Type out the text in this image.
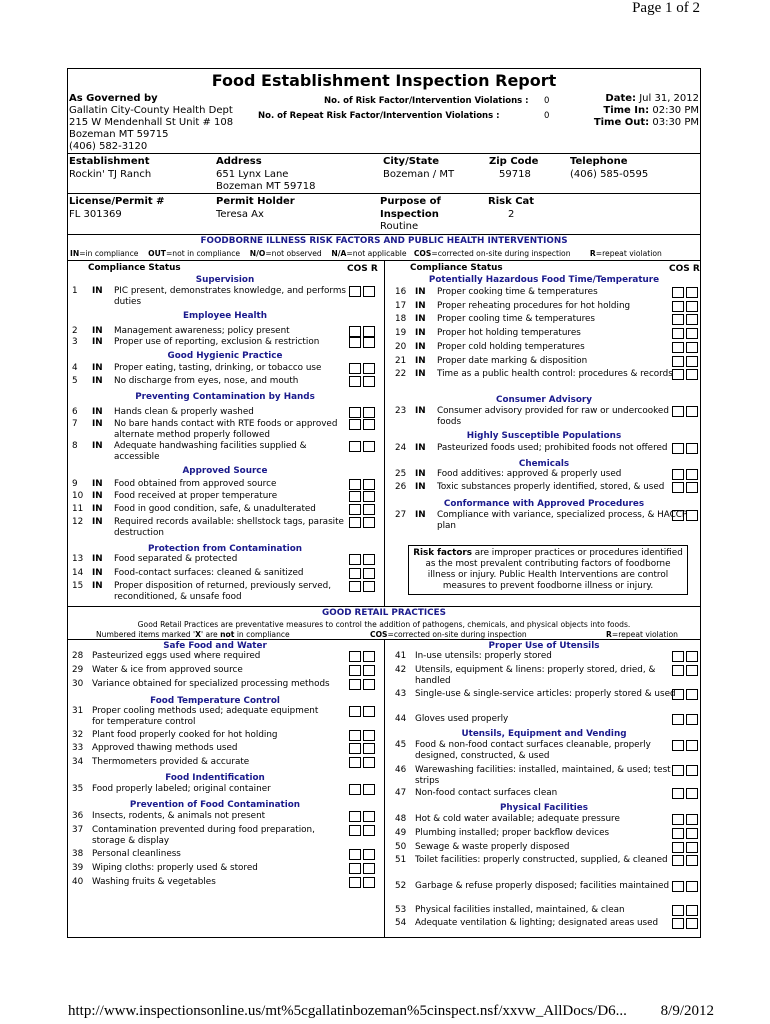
Page 1 of 2
Food Establishment Inspection Report
As Governed by
Gallatin City-County Health Dept
215 W Mendenhall St Unit # 108
Bozeman MT 59715
(406) 582-3120
No. of Risk Factor/Intervention Violations : 0
No. of Repeat Risk Factor/Intervention Violations :	0
Date: Jul 31, 2012
Time In: 02:30 PM
Time Out: 03:30 PM
Establishment
Rockin' TJ Ranch
Address
651 Lynx Lane
Bozeman MT 59718
City/State
Bozeman / MT
Zip Code
59718
Telephone
(406) 585-0595
License/Permit #
FL 301369
Permit Holder
Teresa Ax
Purpose of
Inspection
Routine
Risk Cat
2
FOODBORNE ILLNESS RISK FACTORS AND PUBLIC HEALTH INTERVENTIONS
IN=in compliance OUT=not in compliance N/O=not observed N/A=not applicable COS=corrected on-site during inspection	R=repeat violation
Compliance Status	COS R	Compliance Status	COS R
Supervision
Employee Health
Good Hygienic Practice
Preventing Contamination by Hands
Approved Source
Protection from Contamination
1	IN	PIC present, demonstrates knowledge, and performs duties
2	IN	Management awareness; policy present
3	IN	Proper use of reporting, exclusion & restriction
4	IN	Proper eating, tasting, drinking, or tobacco use
5	IN	No discharge from eyes, nose, and mouth
6	IN	Hands clean & properly washed
7	IN	No bare hands contact with RTE foods or approved alternate method properly followed
8	IN	Adequate handwashing facilities supplied & accessible
9	IN	Food obtained from approved source
10 IN	Food received at proper temperature
11 IN	Food in good condition, safe, & unadulterated
12 IN	Required records available: shellstock tags, parasite destruction
13 IN	Food separated & protected
14 IN	Food-contact surfaces: cleaned & sanitized
15 IN	Proper disposition of returned, previously served, reconditioned, & unsafe food
Potentially Hazardous Food Time/Temperature
Consumer Advisory
Highly Susceptible Populations
Chemicals
Conformance with Approved Procedures
16 IN	Proper cooking time & temperatures
17 IN	Proper reheating procedures for hot holding
18 IN	Proper cooling time & temperatures
19 IN	Proper hot holding temperatures
20 IN	Proper cold holding temperatures
21 IN	Proper date marking & disposition
22 IN	Time as a public health control: procedures & records
23 IN	Consumer advisory provided for raw or undercooked foods
24 IN	Pasteurized foods used; prohibited foods not offered
25 IN	Food additives: approved & properly used
26 IN	Toxic substances properly identified, stored, & used
27 IN	Compliance with variance, specialized process, & HACCP plan
Risk factors are improper practices or procedures identified as the most prevalent contributing factors of foodborne illness or injury. Public Health Interventions are control measures to prevent foodborne illness or injury.
GOOD RETAIL PRACTICES
Good Retail Practices are preventative measures to control the addition of pathogens, chemicals, and physical objects into foods.
Numbered items marked 'X' are not in compliance	COS=corrected on-site during inspection	R=repeat violation
Safe Food and Water
Food Temperature Control
Food Indentification
Prevention of Food Contamination
28 Pasteurized eggs used where required
29 Water & ice from approved source
30 Variance obtained for specialized processing methods
31 Proper cooling methods used; adequate equipment for temperature control
32 Plant food properly cooked for hot holding
33 Approved thawing methods used
34 Thermometers provided & accurate
35 Food properly labeled; original container
36 Insects, rodents, & animals not present
37 Contamination prevented during food preparation, storage & display
38 Personal cleanliness
39 Wiping cloths: properly used & stored
40 Washing fruits & vegetables
Proper Use of Utensils
Utensils, Equipment and Vending
Physical Facilities
41 In-use utensils: properly stored
42 Utensils, equipment & linens: properly stored, dried, & handled
43 Single-use & single-service articles: properly stored & used
44 Gloves used properly
45 Food & non-food contact surfaces cleanable, properly designed, constructed, & used
46 Warewashing facilities: installed, maintained, & used; test strips
47 Non-food contact surfaces clean
48 Hot & cold water available; adequate pressure
49 Plumbing installed; proper backflow devices
50 Sewage & waste properly disposed
51 Toilet facilities: properly constructed, supplied, & cleaned
52 Garbage & refuse properly disposed; facilities maintained
53 Physical facilities installed, maintained, & clean
54 Adequate ventilation & lighting; designated areas used
http://www.inspectionsonline.us/mt%5cgallatinbozeman%5cinspect.nsf/xxvw_AllDocs/D6... 8/9/2012
